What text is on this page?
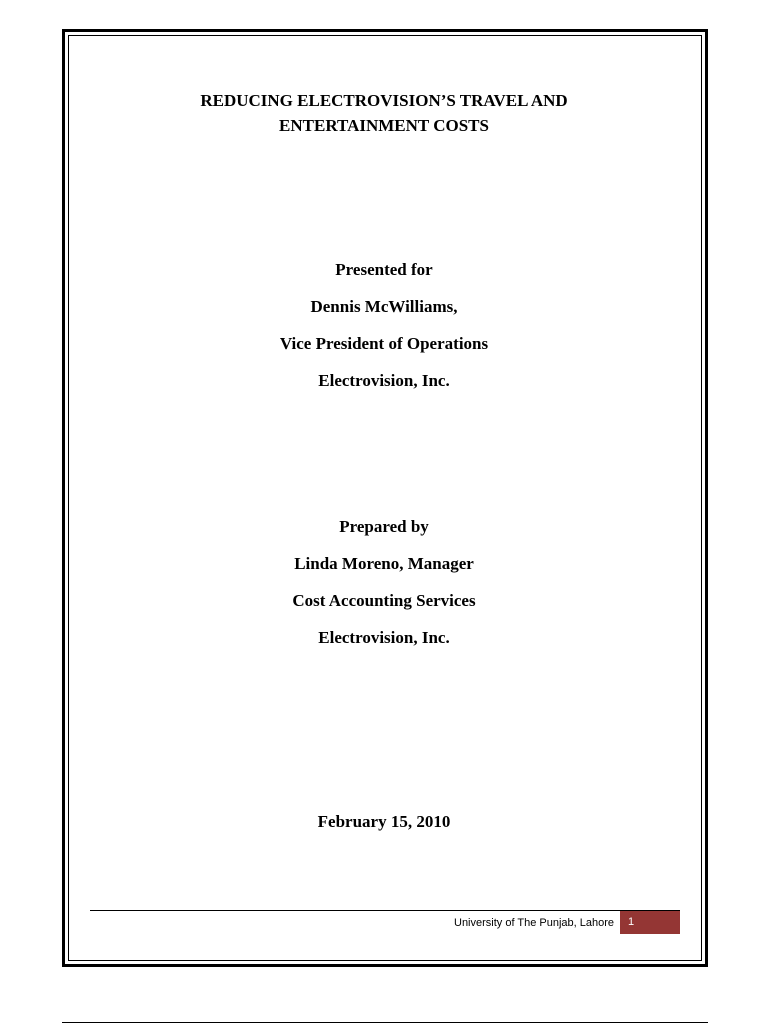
REDUCING ELECTROVISION’S TRAVEL AND
ENTERTAINMENT COSTS
Presented for
Dennis McWilliams,
Vice President of Operations
Electrovision, Inc.
Prepared by
Linda Moreno, Manager
Cost Accounting Services
Electrovision, Inc.
February 15, 2010
University of The Punjab, Lahore	1
